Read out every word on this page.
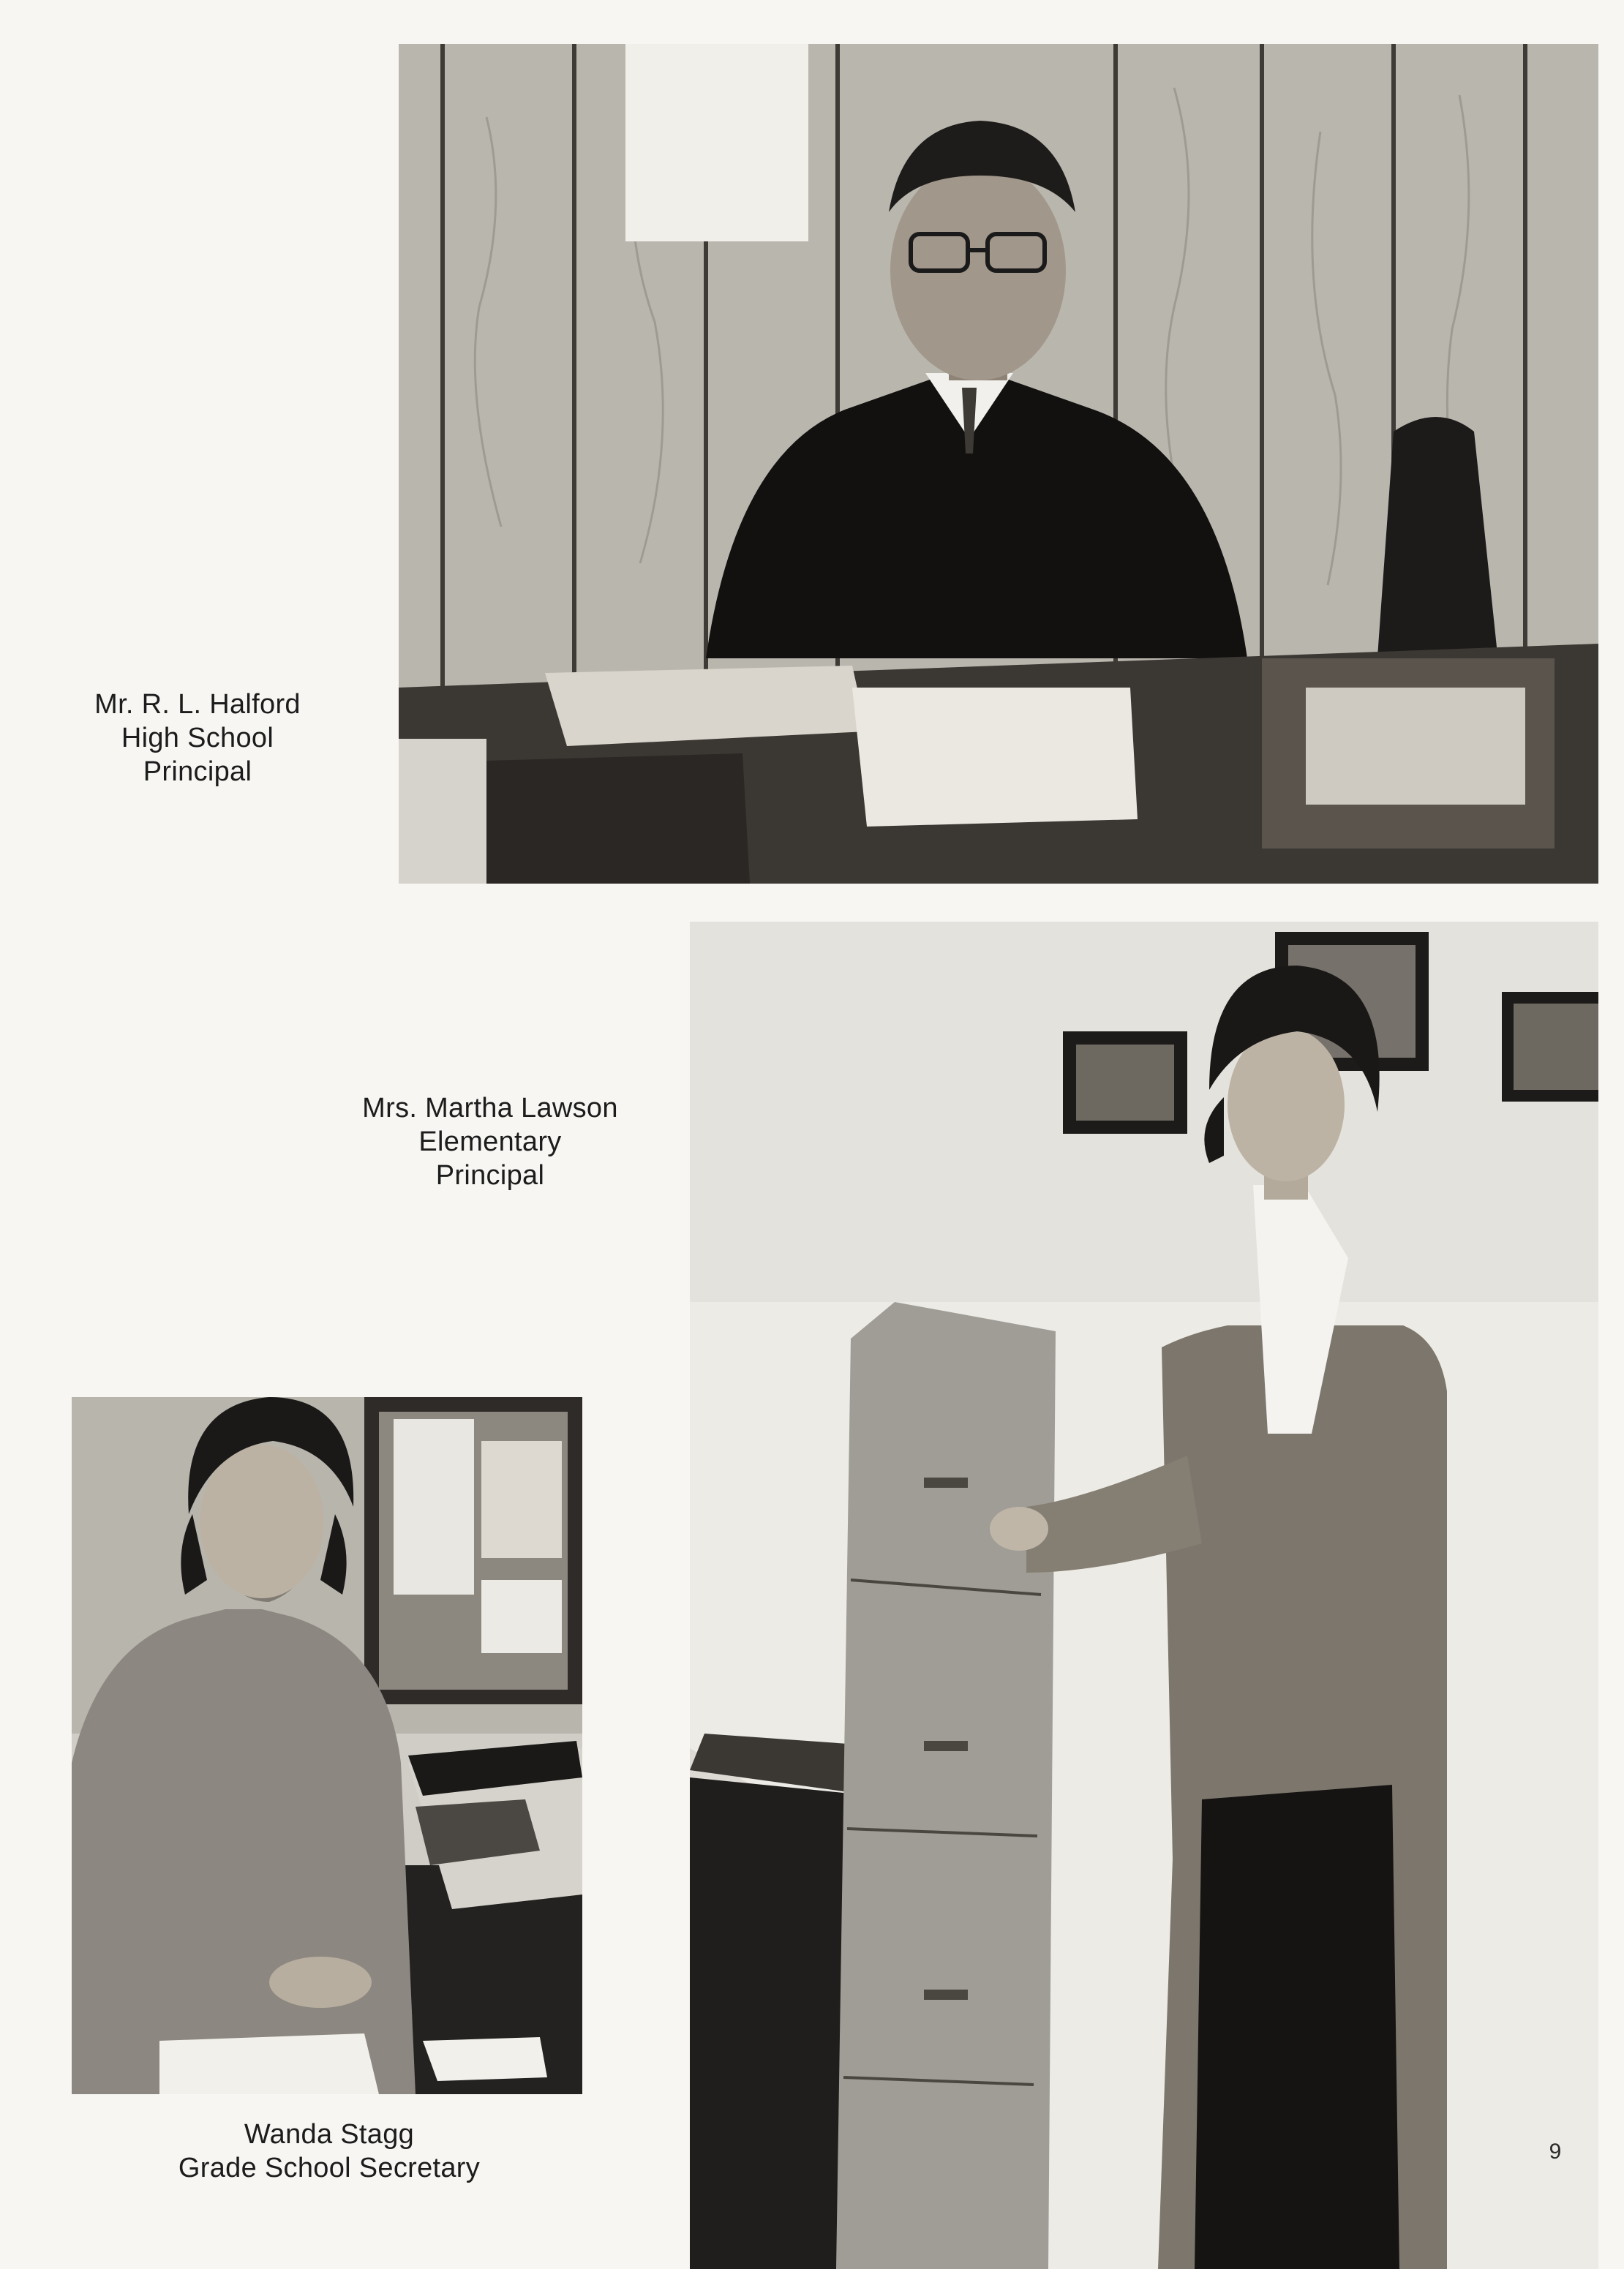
Mr. R. L. Halford
High School
Principal
Mrs. Martha Lawson
Elementary
Principal
Wanda Stagg
Grade School Secretary
9
